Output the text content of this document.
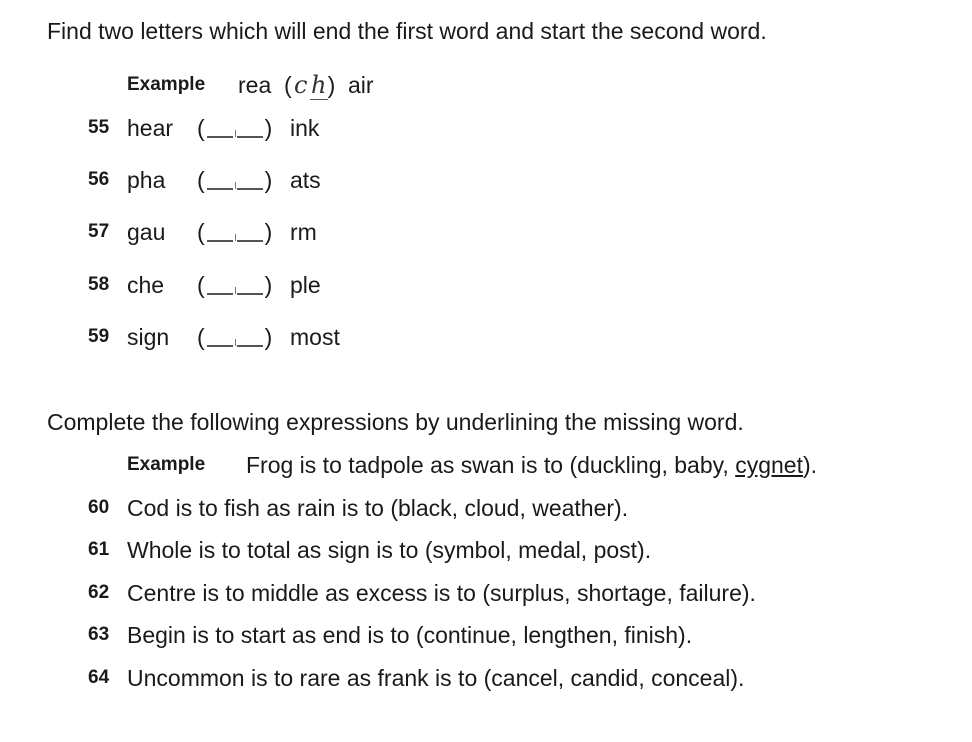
Find two letters which will end the first word and start the second word.
Example rea ( c h ) air
55 hear (	) ink
56 pha (	) ats
57 gau (	) rm
58 che (	) ple
59 sign (	) most
Complete the following expressions by underlining the missing word.
Example Frog is to tadpole as swan is to (duckling, baby, cygnet).
60 Cod is to fish as rain is to (black, cloud, weather).
61 Whole is to total as sign is to (symbol, medal, post).
62 Centre is to middle as excess is to (surplus, shortage, failure).
63 Begin is to start as end is to (continue, lengthen, finish).
64 Uncommon is to rare as frank is to (cancel, candid, conceal).
